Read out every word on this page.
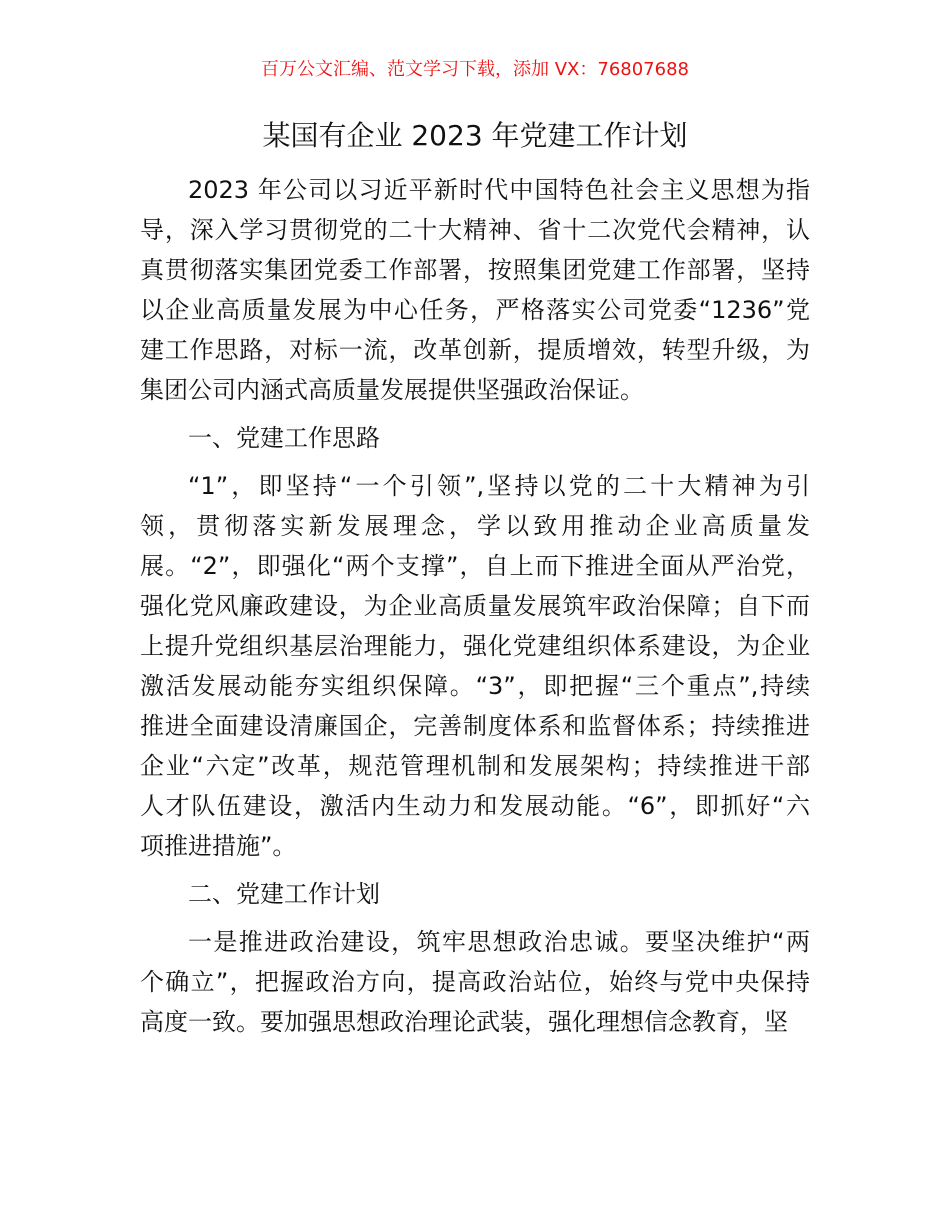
百万公文汇编、范文学习下载，添加 VX：76807688
某国有企业 2023 年党建工作计划
2023 年公司以习近平新时代中国特色社会主义思想为指
导，深入学习贯彻党的二十大精神、省十二次党代会精神，认
真贯彻落实集团党委工作部署，按照集团党建工作部署，坚持
以企业高质量发展为中心任务，严格落实公司党委“1236”党
建工作思路，对标一流，改革创新，提质增效，转型升级，为
集团公司内涵式高质量发展提供坚强政治保证。
一、党建工作思路
“1”，即坚持“一个引领”,坚持以党的二十大精神为引
领，贯彻落实新发展理念，学以致用推动企业高质量发
展。“2”，即强化“两个支撑”，自上而下推进全面从严治党，
强化党风廉政建设，为企业高质量发展筑牢政治保障；自下而
上提升党组织基层治理能力，强化党建组织体系建设，为企业
激活发展动能夯实组织保障。“3”，即把握“三个重点”,持续
推进全面建设清廉国企，完善制度体系和监督体系；持续推进
企业“六定”改革，规范管理机制和发展架构；持续推进干部
人才队伍建设，激活内生动力和发展动能。“6”，即抓好“六
项推进措施”。
二、党建工作计划
一是推进政治建设，筑牢思想政治忠诚。要坚决维护“两
个确立”，把握政治方向，提高政治站位，始终与党中央保持
高度一致。要加强思想政治理论武装，强化理想信念教育，坚
